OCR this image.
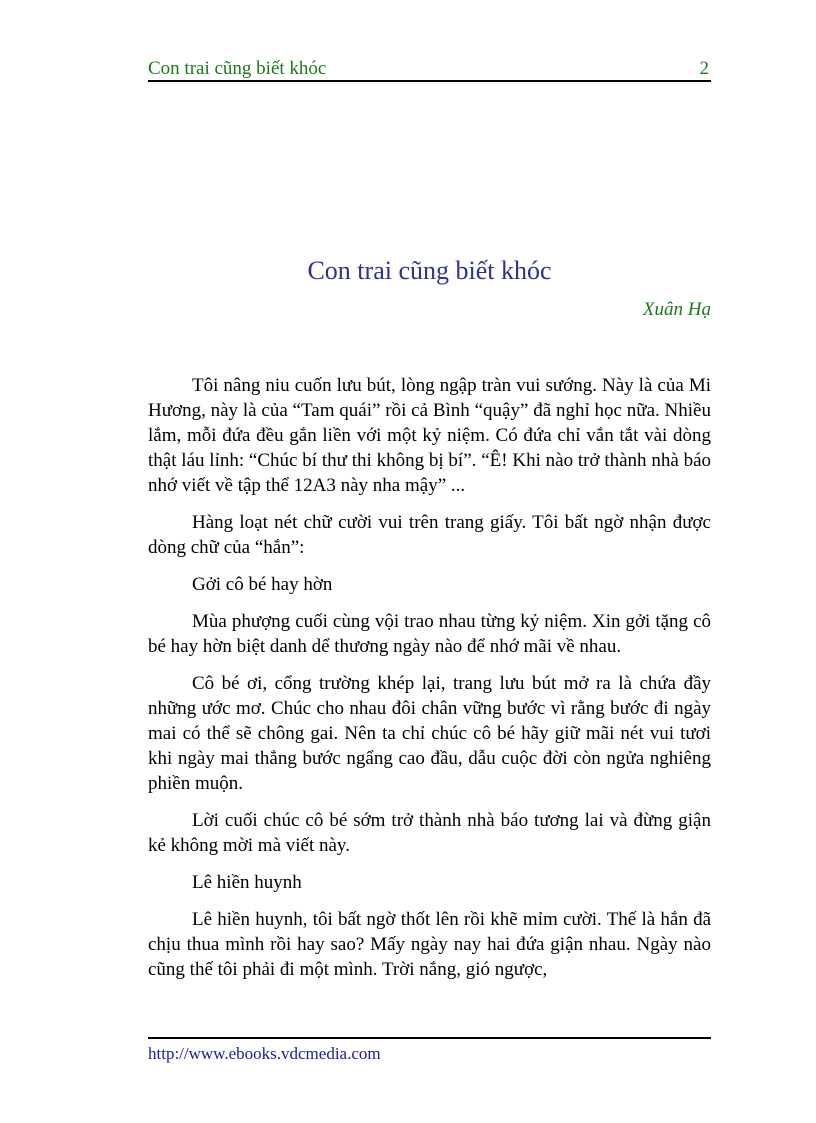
Con trai cũng biết khóc	2
Con trai cũng biết khóc
Xuân Hạ

Tôi nâng niu cuốn lưu bút, lòng ngập tràn vui sướng. Này là của Mi Hương, này là của “Tam quái” rồi cả Bình “quậy” đã nghỉ học nữa. Nhiều lắm, mỗi đứa đều gắn liền với một kỷ niệm. Có đứa chỉ vắn tắt vài dòng thật láu lỉnh: “Chúc bí thư thi không bị bí”. “Ê! Khi nào trở thành nhà báo nhớ viết về tập thể 12A3 này nha mậy” ...

Hàng loạt nét chữ cười vui trên trang giấy. Tôi bất ngờ nhận được dòng chữ của “hắn”:

Gởi cô bé hay hờn

Mùa phượng cuối cùng vội trao nhau từng kỷ niệm. Xin gởi tặng cô bé hay hờn biệt danh dể thương ngày nào để nhớ mãi về nhau.

Cô bé ơi, cổng trường khép lại, trang lưu bút mở ra là chứa đầy những ước mơ. Chúc cho nhau đôi chân vững bước vì rằng bước đi ngày mai có thể sẽ chông gai. Nên ta chỉ chúc cô bé hãy giữ mãi nét vui tươi khi ngày mai thẳng bước ngẩng cao đầu, dẫu cuộc đời còn ngửa nghiêng phiền muộn.

Lời cuối chúc cô bé sớm trở thành nhà báo tương lai và đừng giận kẻ không mời mà viết này.

Lê hiền huynh

Lê hiền huynh, tôi bất ngờ thốt lên rồi khẽ mỉm cười. Thế là hắn đã chịu thua mình rồi hay sao? Mấy ngày nay hai đứa giận nhau. Ngày nào cũng thế tôi phải đi một mình. Trời nắng, gió ngược,

http://www.ebooks.vdcmedia.com
